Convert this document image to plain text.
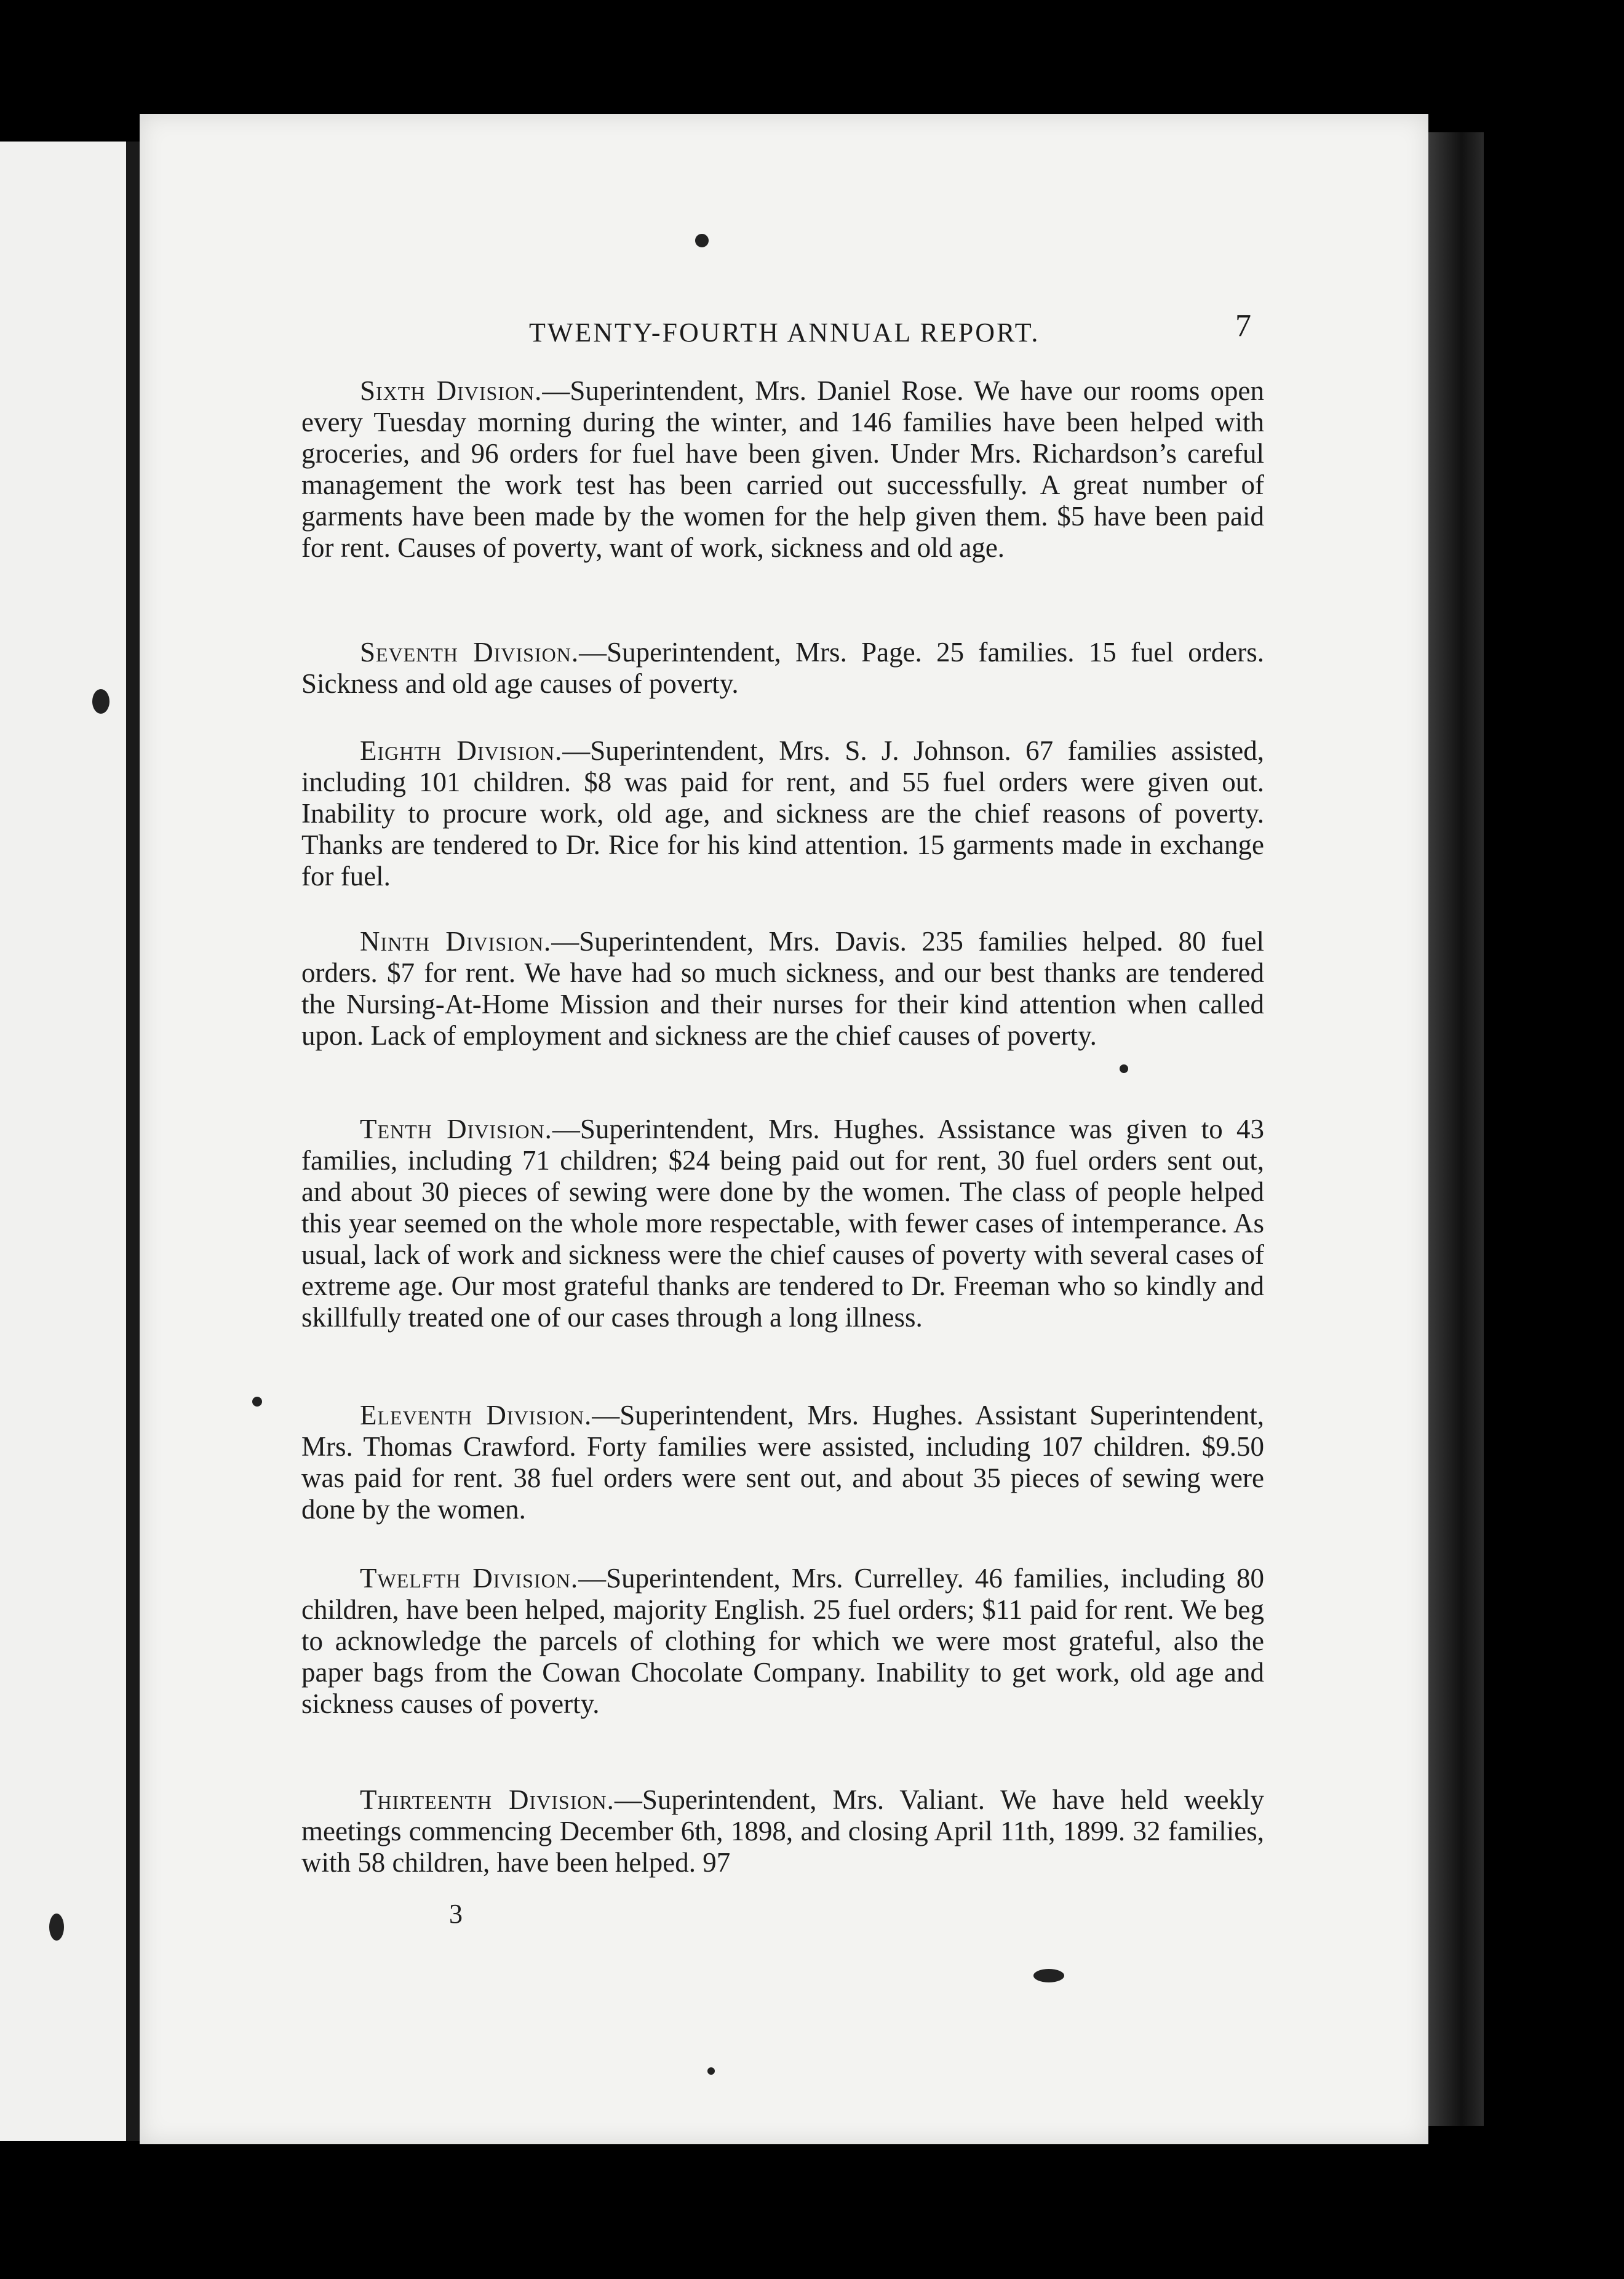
TWENTY-FOURTH ANNUAL REPORT.	7
Sixth Division.—Superintendent, Mrs. Daniel Rose. We have our rooms open every Tuesday morning during the winter, and 146 families have been helped with groceries, and 96 orders for fuel have been given. Under Mrs. Richardson’s careful management the work test has been carried out successfully. A great number of garments have been made by the women for the help given them. $5 have been paid for rent. Causes of poverty, want of work, sickness and old age.
Seventh Division.—Superintendent, Mrs. Page. 25 families. 15 fuel orders. Sickness and old age causes of poverty.
Eighth Division.—Superintendent, Mrs. S. J. Johnson. 67 families assisted, including 101 children. $8 was paid for rent, and 55 fuel orders were given out. Inability to procure work, old age, and sickness are the chief reasons of poverty. Thanks are tendered to Dr. Rice for his kind attention. 15 garments made in exchange for fuel.
Ninth Division.—Superintendent, Mrs. Davis. 235 families helped. 80 fuel orders. $7 for rent. We have had so much sickness, and our best thanks are tendered the Nursing-At-Home Mission and their nurses for their kind attention when called upon. Lack of employment and sickness are the chief causes of poverty.
Tenth Division.—Superintendent, Mrs. Hughes. Assistance was given to 43 families, including 71 children; $24 being paid out for rent, 30 fuel orders sent out, and about 30 pieces of sewing were done by the women. The class of people helped this year seemed on the whole more respectable, with fewer cases of intemperance. As usual, lack of work and sickness were the chief causes of poverty with several cases of extreme age. Our most grateful thanks are tendered to Dr. Freeman who so kindly and skillfully treated one of our cases through a long illness.
Eleventh Division.—Superintendent, Mrs. Hughes. Assistant Superintendent, Mrs. Thomas Crawford. Forty families were assisted, including 107 children. $9.50 was paid for rent. 38 fuel orders were sent out, and about 35 pieces of sewing were done by the women.
Twelfth Division.—Superintendent, Mrs. Currelley. 46 families, including 80 children, have been helped, majority English. 25 fuel orders; $11 paid for rent. We beg to acknowledge the parcels of clothing for which we were most grateful, also the paper bags from the Cowan Chocolate Company. Inability to get work, old age and sickness causes of poverty.
Thirteenth Division.—Superintendent, Mrs. Valiant. We have held weekly meetings commencing December 6th, 1898, and closing April 11th, 1899. 32 families, with 58 children, have been helped. 97
3
